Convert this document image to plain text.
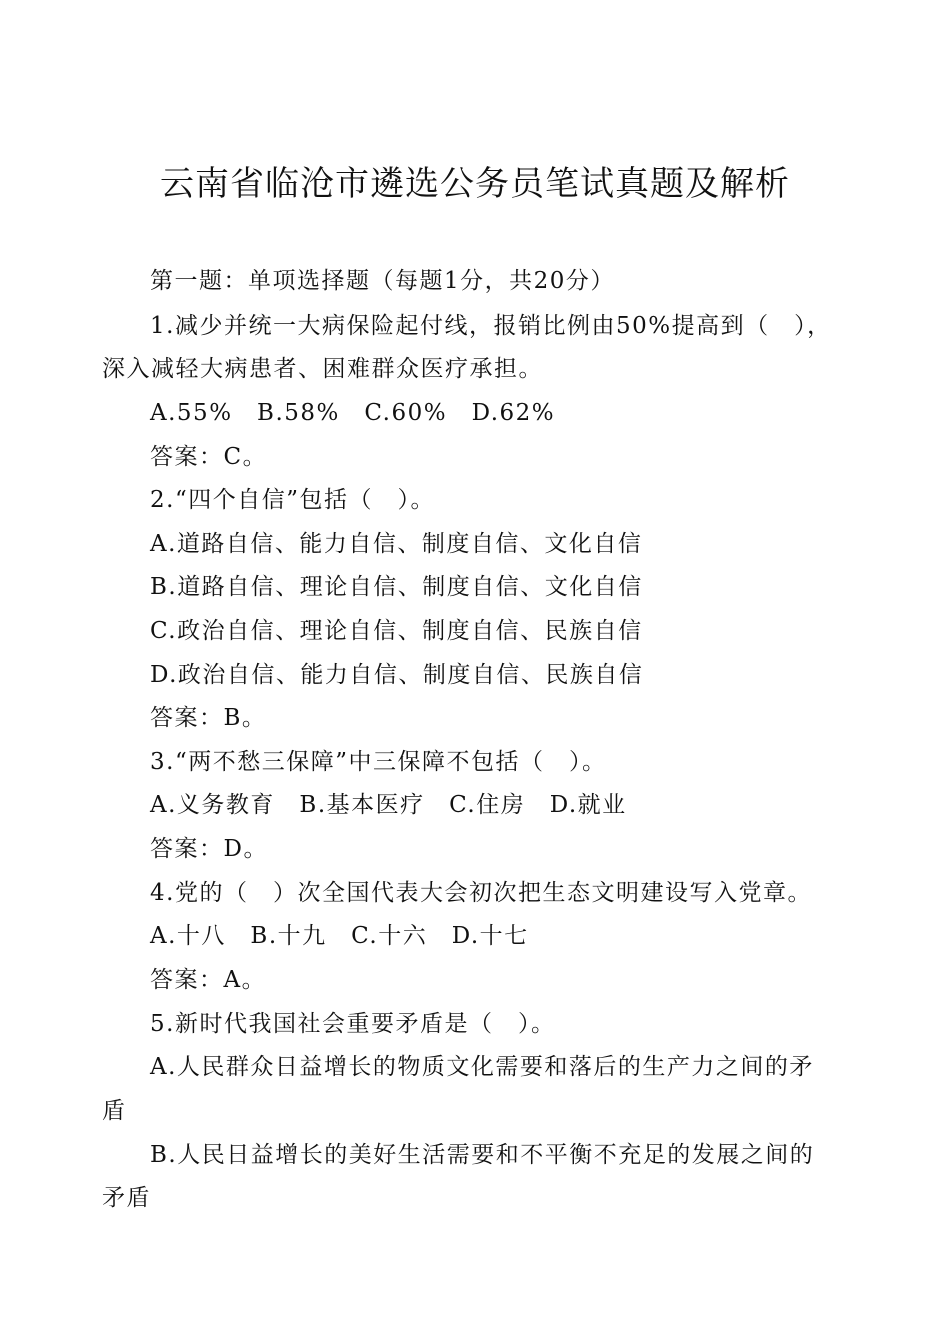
云南省临沧市遴选公务员笔试真题及解析
第一题：单项选择题（每题1分，共20分）
1.减少并统一大病保险起付线，报销比例由50%提高到（　），
深入减轻大病患者、困难群众医疗承担。
A.55%　B.58%　C.60%　D.62%
答案：C。
2.“四个自信”包括（　）。
A.道路自信、能力自信、制度自信、文化自信
B.道路自信、理论自信、制度自信、文化自信
C.政治自信、理论自信、制度自信、民族自信
D.政治自信、能力自信、制度自信、民族自信
答案：B。
3.“两不愁三保障”中三保障不包括（　）。
A.义务教育　B.基本医疗　C.住房　D.就业
答案：D。
4.党的（　）次全国代表大会初次把生态文明建设写入党章。
A.十八　B.十九　C.十六　D.十七
答案：A。
5.新时代我国社会重要矛盾是（　）。
A.人民群众日益增长的物质文化需要和落后的生产力之间的矛
盾
B.人民日益增长的美好生活需要和不平衡不充足的发展之间的
矛盾
